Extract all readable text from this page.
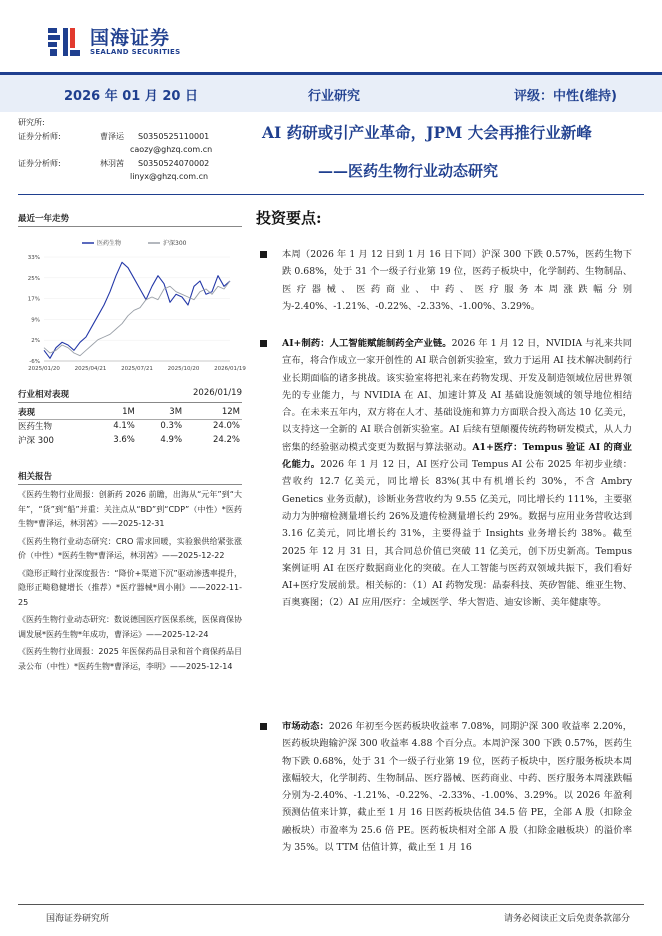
国海证券
SEALAND SECURITIES
2026 年 01 月 20 日	行业研究	评级：中性(维持)
研究所:
证券分析师:	曹泽运	S0350525110001
caozy@ghzq.com.cn
证券分析师:	林羽茜	S0350524070002
linyx@ghzq.com.cn
AI 药研或引产业革命，JPM 大会再推行业新峰
——医药生物行业动态研究
最近一年走势
-6%
2%
9%
17%
25%
33%
2025/01/20	2025/04/21	2025/07/21	2025/10/20	2026/01/19
医药生物	沪深300
行业相对表现	2026/01/19
表现	1M	3M	12M
医药生物	4.1%	0.3%	24.0%
沪深 300	3.6%	4.9%	24.2%
相关报告
《医药生物行业周报：创新药 2026 前瞻，出海从“元年”到“大年”，“货”到“船”并重：关注点从“BD”到“CDP”（中性）*医药生物*曹泽运，林羽茜》——2025-12-31
《医药生物行业动态研究：CRO 需求回暖，实验猴供给紧张涨价（中性）*医药生物*曹泽运，林羽茜》——2025-12-22
《隐形正畸行业深度报告：“降价+渠道下沉”驱动渗透率提升，隐形正畸稳健增长（推荐）*医疗器械*周小刚》——2022-11-25
《医药生物行业动态研究：数说德国医疗医保系统，医保商保协调发展*医药生物*年成功，曹泽运》——2025-12-24
《医药生物行业周报：2025 年医保药品目录和首个商保药品目录公布（中性）*医药生物*曹泽运，李明》——2025-12-14
投资要点:
本周（2026 年 1 月 12 日到 1 月 16 日下同）沪深 300 下跌 0.57%，医药生物下跌 0.68%，处于 31 个一级子行业第 19 位，医药子板块中，化学制药、生物制品、医疗器械、医药商业、中药、医疗服务本周涨跌幅分别为-2.40%、-1.21%、-0.22%、-2.33%、-1.00%、3.29%。
AI+制药：人工智能赋能制药全产业链。2026 年 1 月 12 日，NVIDIA 与礼来共同宣布，将合作成立一家开创性的 AI 联合创新实验室，致力于运用 AI 技术解决制药行业长期面临的诸多挑战。该实验室将把礼来在药物发现、开发及制造领域位居世界领先的专业能力，与 NVIDIA 在 AI、加速计算及 AI 基础设施领域的领导地位相结合。在未来五年内，双方将在人才、基础设施和算力方面联合投入高达 10 亿美元，以支持这一全新的 AI 联合创新实验室。AI 后续有望颠覆传统药物研发模式，从人力密集的经验驱动模式变更为数据与算法驱动。A1+医疗：Tempus 验证 AI 的商业化能力。2026 年 1 月 12 日，AI 医疗公司 Tempus AI 公布 2025 年初步业绩：营收约 12.7 亿美元，同比增长 83%(其中有机增长约 30%，不含 Ambry Genetics 业务贡献)，诊断业务营收约为 9.55 亿美元，同比增长约 111%，主要驱动力为肿瘤检测量增长约 26%及遗传检测量增长约 29%。数据与应用业务营收达到 3.16 亿美元，同比增长约 31%，主要得益于 Insights 业务增长约 38%。截至 2025 年 12 月 31 日，其合同总价值已突破 11 亿美元，创下历史新高。Tempus 案例证明 AI 在医疗数据商业化的突破。在人工智能与医药双领域共振下，我们看好 AI+医疗发展前景。相关标的：（1）AI 药物发现：晶泰科技、英矽智能、维亚生物、百奥赛图；（2）AI 应用/医疗：全域医学、华大智造、迪安诊断、美年健康等。
市场动态：2026 年初至今医药板块收益率 7.08%，同期沪深 300 收益率 2.20%，医药板块跑输沪深 300 收益率 4.88 个百分点。本周沪深 300 下跌 0.57%，医药生物下跌 0.68%，处于 31 个一级子行业第 19 位，医药子板块中，医疗服务板块本周涨幅较大，化学制药、生物制品、医疗器械、医药商业、中药、医疗服务本周涨跌幅分别为-2.40%、-1.21%、-0.22%、-2.33%、-1.00%、3.29%。以 2026 年盈利预测估值来计算，截止至 1 月 16 日医药板块估值 34.5 倍 PE，全部 A 股（扣除金融板块）市盈率为 25.6 倍 PE。医药板块相对全部 A 股（扣除金融板块）的溢价率为 35%。以 TTM 估值计算，截止至 1 月 16
国海证券研究所	请务必阅读正文后免责条款部分
